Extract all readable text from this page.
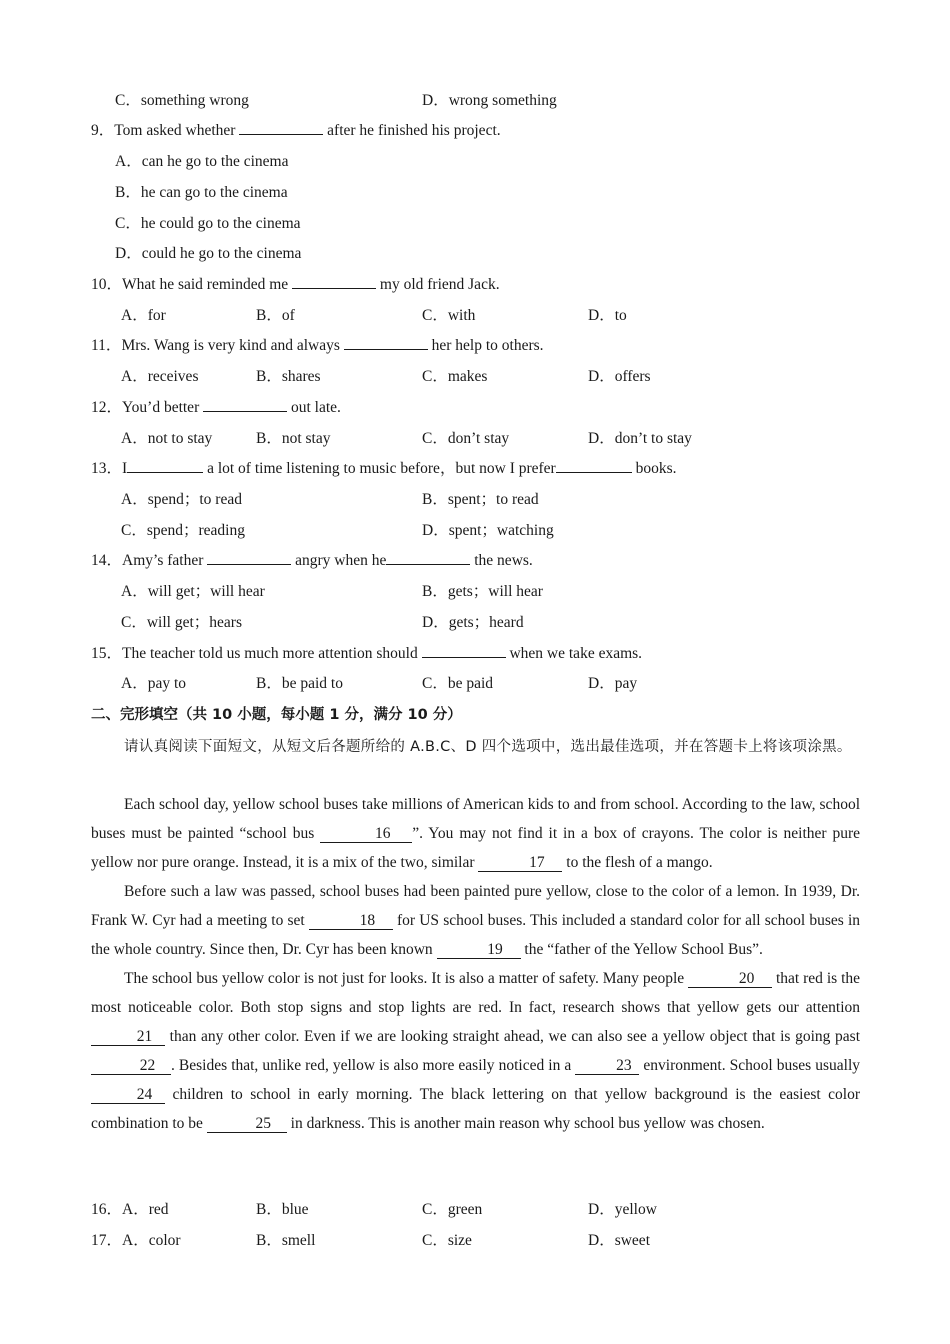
C．something wrong	D．wrong something
9．Tom asked whether	after he finished his project.
A．can he go to the cinema
B．he can go to the cinema
C．he could go to the cinema
D．could he go to the cinema
10．What he said reminded me	my old friend Jack.
A．for	B．of	C．with	D．to
11．Mrs. Wang is very kind and always	her help to others.
A．receives	B．shares	C．makes	D．offers
12．You’d better	out late.
A．not to stay	B．not stay	C．don’t stay	D．don’t to stay
13．I	a lot of time listening to music before，but now I prefer	books.
A．spend；to read	B．spent；to read
C．spend；reading	D．spent；watching
14．Amy’s father	angry when he	the news.
A．will get；will hear	B．gets；will hear
C．will get；hears	D．gets；heard
15．The teacher told us much more attention should	when we take exams.
A．pay to	B．be paid to	C．be paid	D．pay
二、完形填空（共 10 小题，每小题 1 分，满分 10 分）
请认真阅读下面短文，从短文后各题所给的 A.B.C、D 四个选项中，选出最佳选项，并在答题卡上将该项涂黑。

Each school day, yellow school buses take millions of American kids to and from school. According to the law, school buses must be painted “school bus	16 ”. You may not find it in a box of crayons. The color is neither pure yellow nor pure orange. Instead, it is a mix of the two, similar	17 to the flesh of a mango.

Before such a law was passed, school buses had been painted pure yellow, close to the color of a lemon. In 1939, Dr. Frank W. Cyr had a meeting to set	18 for US school buses. This included a standard color for all school buses in the whole country. Since then, Dr. Cyr has been known	19 the “father of the Yellow School Bus”.

The school bus yellow color is not just for looks. It is also a matter of safety. Many people	20 that red is the most noticeable color. Both stop signs and stop lights are red. In fact, research shows that yellow gets our attention 21 than any other color. Even if we are looking straight ahead, we can also see a yellow object that is going past 22 . Besides that, unlike red, yellow is also more easily noticed in a	23 environment. School buses usually 24 children to school in early morning. The black lettering on that yellow background is the easiest color combination to be	25 in darkness. This is another main reason why school bus yellow was chosen.

16．A．red	B．blue	C．green	D．yellow
17．A．color	B．smell	C．size	D．sweet
